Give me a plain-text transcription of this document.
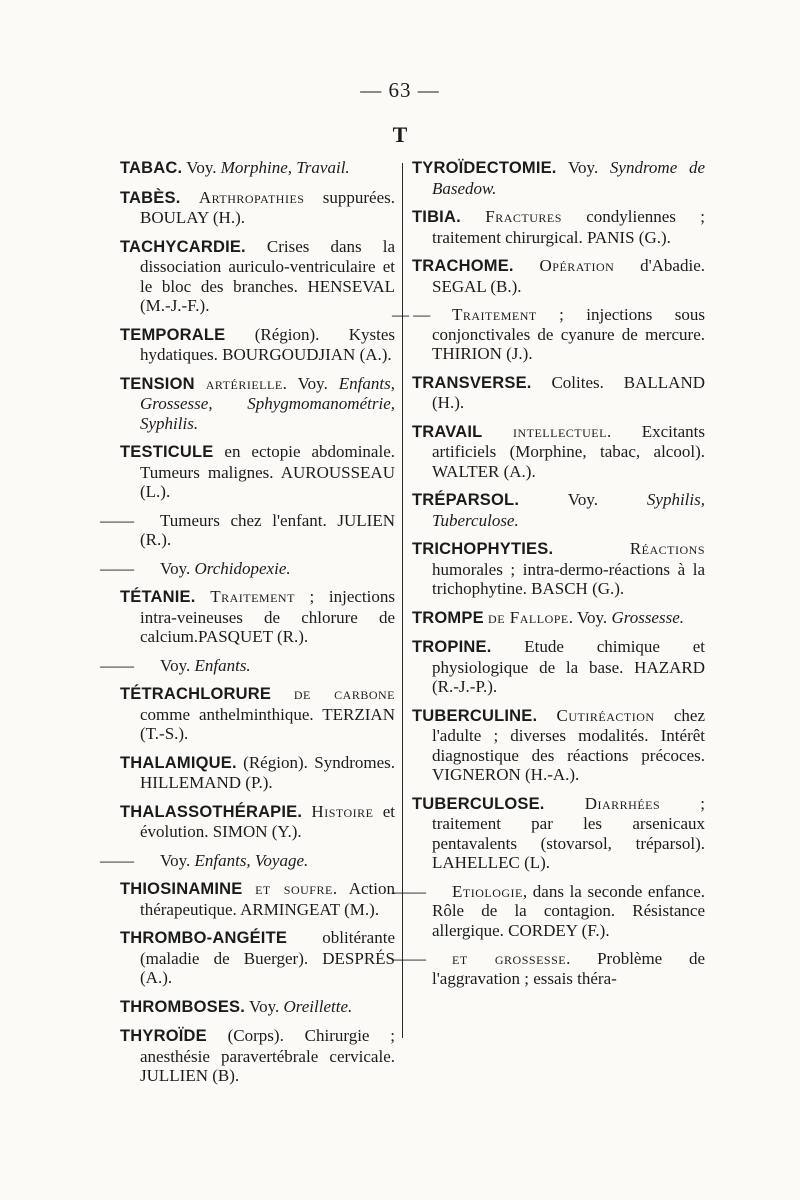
— 63 —
T

TABAC. Voy. Morphine, Travail.

TABÈS. Arthropathies suppurées. BOULAY (H.).

TACHYCARDIE. Crises dans la dissociation auriculo-ventriculaire et le bloc des branches. HENSEVAL (M.-J.-F.).

TEMPORALE (Région). Kystes hydatiques. BOURGOUDJIAN (A.).

TENSION artérielle. Voy. Enfants, Grossesse, Sphygmomanométrie, Syphilis.

TESTICULE en ectopie abdominale. Tumeurs malignes. AUROUSSEAU (L.).

—— Tumeurs chez l'enfant. JULIEN (R.).

—— Voy. Orchidopexie.

TÉTANIE. Traitement ; injections intra-veineuses de chlorure de calcium.PASQUET (R.).

—— Voy. Enfants.

TÉTRACHLORURE de carbone comme anthelminthique. TERZIAN (T.-S.).

THALAMIQUE. (Région). Syndromes. HILLEMAND (P.).

THALASSOTHÉRAPIE. Histoire et évolution. SIMON (Y.).

—— Voy. Enfants, Voyage.

THIOSINAMINE et soufre. Action thérapeutique. ARMINGEAT (M.).

THROMBO-ANGÉITE oblitérante (maladie de Buerger). DESPRÉS (A.).

THROMBOSES. Voy. Oreillette.

THYROÏDE (Corps). Chirurgie ; anesthésie paravertébrale cervicale. JULLIEN (B).

TYROÏDECTOMIE. Voy. Syndrome de Basedow.

TIBIA. Fractures condyliennes ; traitement chirurgical. PANIS (G.).

TRACHOME. Opération d'Abadie. SEGAL (B.).

— — Traitement ; injections sous conjonctivales de cyanure de mercure. THIRION (J.).

TRANSVERSE. Colites. BALLAND (H.).

TRAVAIL intellectuel. Excitants artificiels (Morphine, tabac, alcool). WALTER (A.).

TRÉPARSOL. Voy. Syphilis, Tuberculose.

TRICHOPHYTIES.	Réactions humorales ; intra-dermo-réactions à la trichophytine. BASCH (G.).

TROMPE de Fallope. Voy. Grossesse.

TROPINE. Etude chimique et physiologique de la base. HAZARD (R.-J.-P.).

TUBERCULINE. Cutiréaction chez l'adulte ; diverses modalités. Intérêt diagnostique des réactions précoces. VIGNERON (H.-A.).

TUBERCULOSE. Diarrhées ; traitement par les arsenicaux pentavalents (stovarsol, tréparsol). LAHELLEC (L).

—— Etiologie, dans la seconde enfance. Rôle de la contagion. Résistance allergique. CORDEY (F.).

—— et grossesse. Problème de l'aggravation ; essais théra-
